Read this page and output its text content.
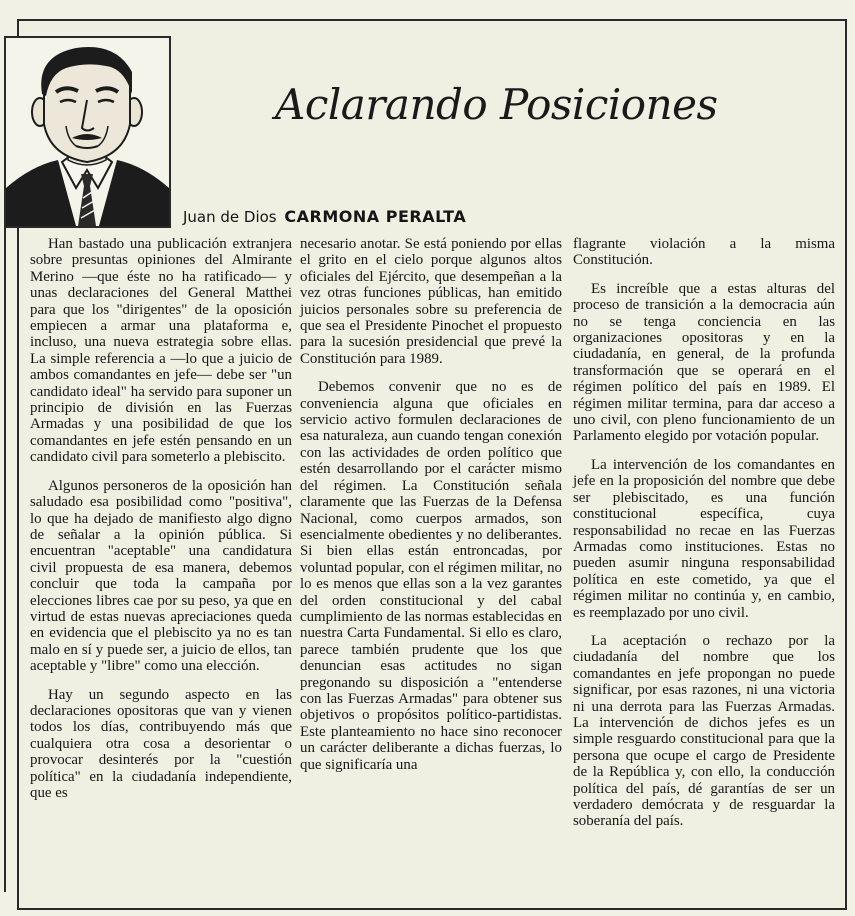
Aclarando Posiciones
Juan de Dios CARMONA PERALTA

Han bastado una publicación extranjera sobre presuntas opiniones del Almirante Merino —que éste no ha ratificado— y unas declaraciones del General Matthei para que los "dirigentes" de la oposición empiecen a armar una plataforma e, incluso, una nueva estrategia sobre ellas. La simple referencia a —lo que a juicio de ambos comandantes en jefe— debe ser "un candidato ideal" ha servido para suponer un principio de división en las Fuerzas Armadas y una posibilidad de que los comandantes en jefe estén pensando en un candidato civil para someterlo a plebiscito.

Algunos personeros de la oposición han saludado esa posibilidad como "positiva", lo que ha dejado de manifiesto algo digno de señalar a la opinión pública. Si encuentran "aceptable" una candidatura civil propuesta de esa manera, debemos concluir que toda la campaña por elecciones libres cae por su peso, ya que en virtud de estas nuevas apreciaciones queda en evidencia que el plebiscito ya no es tan malo en sí y puede ser, a juicio de ellos, tan aceptable y "libre" como una elección.

Hay un segundo aspecto en las declaraciones opositoras que van y vienen todos los días, contribuyendo más que cualquiera otra cosa a desorientar o provocar desinterés por la "cuestión política" en la ciudadanía independiente, que es

necesario anotar. Se está poniendo por ellas el grito en el cielo porque algunos altos oficiales del Ejército, que desempeñan a la vez otras funciones públicas, han emitido juicios personales sobre su preferencia de que sea el Presidente Pinochet el propuesto para la sucesión presidencial que prevé la Constitución para 1989.

Debemos convenir que no es de conveniencia alguna que oficiales en servicio activo formulen declaraciones de esa naturaleza, aun cuando tengan conexión con las actividades de orden político que estén desarrollando por el carácter mismo del régimen. La Constitución señala claramente que las Fuerzas de la Defensa Nacional, como cuerpos armados, son esencialmente obedientes y no deliberantes. Si bien ellas están entroncadas, por voluntad popular, con el régimen militar, no lo es menos que ellas son a la vez garantes del orden constitucional y del cabal cumplimiento de las normas establecidas en nuestra Carta Fundamental. Si ello es claro, parece también prudente que los que denuncian esas actitudes no sigan pregonando su disposición a "entenderse con las Fuerzas Armadas" para obtener sus objetivos o propósitos político-partidistas. Este planteamiento no hace sino reconocer un carácter deliberante a dichas fuerzas, lo que significaría una

flagrante violación a la misma Constitución.

Es increíble que a estas alturas del proceso de transición a la democracia aún no se tenga conciencia en las organizaciones opositoras y en la ciudadanía, en general, de la profunda transformación que se operará en el régimen político del país en 1989. El régimen militar termina, para dar acceso a uno civil, con pleno funcionamiento de un Parlamento elegido por votación popular.

La intervención de los comandantes en jefe en la proposición del nombre que debe ser plebiscitado, es una función constitucional específica, cuya responsabilidad no recae en las Fuerzas Armadas como instituciones. Estas no pueden asumir ninguna responsabilidad política en este cometido, ya que el régimen militar no continúa y, en cambio, es reemplazado por uno civil.

La aceptación o rechazo por la ciudadanía del nombre que los comandantes en jefe propongan no puede significar, por esas razones, ni una victoria ni una derrota para las Fuerzas Armadas. La intervención de dichos jefes es un simple resguardo constitucional para que la persona que ocupe el cargo de Presidente de la República y, con ello, la conducción política del país, dé garantías de ser un verdadero demócrata y de resguardar la soberanía del país.
